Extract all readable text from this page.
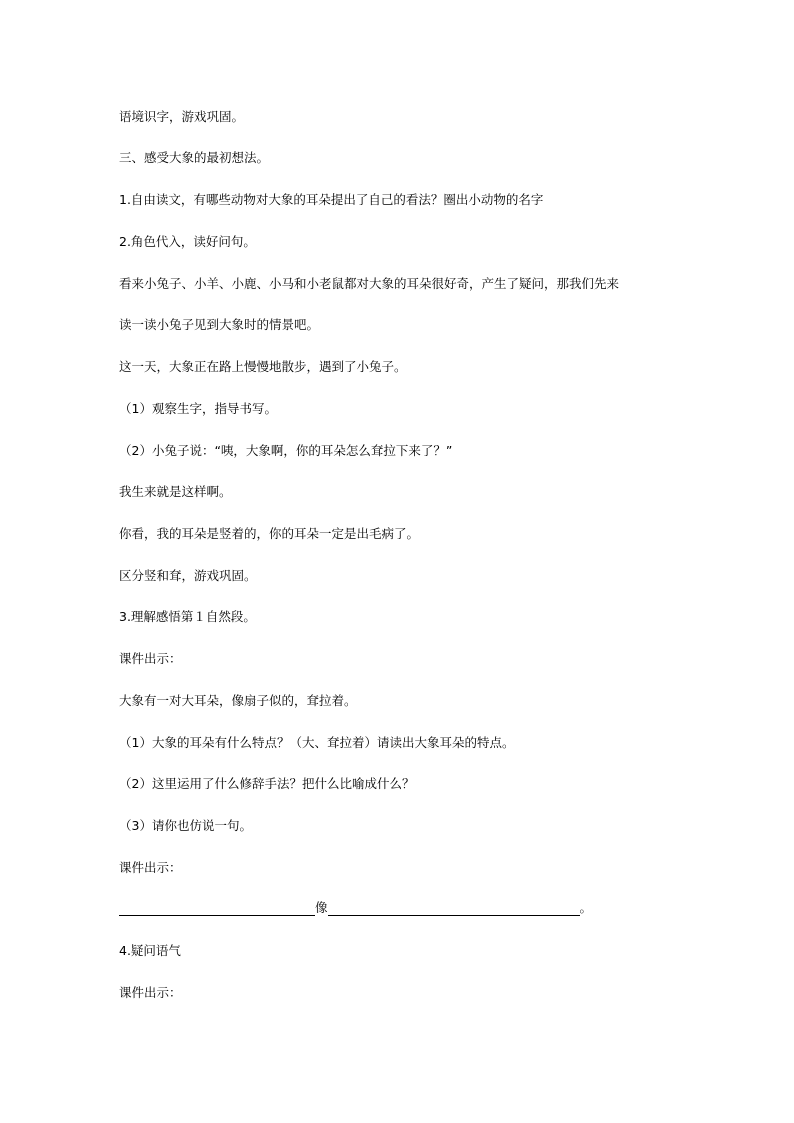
语境识字，游戏巩固。
三、感受大象的最初想法。
1.自由读文，有哪些动物对大象的耳朵提出了自己的看法？圈出小动物的名字
2.角色代入，读好问句。
看来小兔子、小羊、小鹿、小马和小老鼠都对大象的耳朵很好奇，产生了疑问，那我们先来
读一读小兔子见到大象时的情景吧。
这一天，大象正在路上慢慢地散步，遇到了小兔子。
（1）观察生字，指导书写。
（2）小兔子说：“咦，大象啊，你的耳朵怎么耷拉下来了？”
我生来就是这样啊。
你看，我的耳朵是竖着的，你的耳朵一定是出毛病了。
区分竖和耷，游戏巩固。
3.理解感悟第１自然段。
课件出示：
大象有一对大耳朵，像扇子似的，耷拉着。
（1）大象的耳朵有什么特点？（大、耷拉着）请读出大象耳朵的特点。
（2）这里运用了什么修辞手法？把什么比喻成什么？
（3）请你也仿说一句。
课件出示：
像	。
4.疑问语气
课件出示：
